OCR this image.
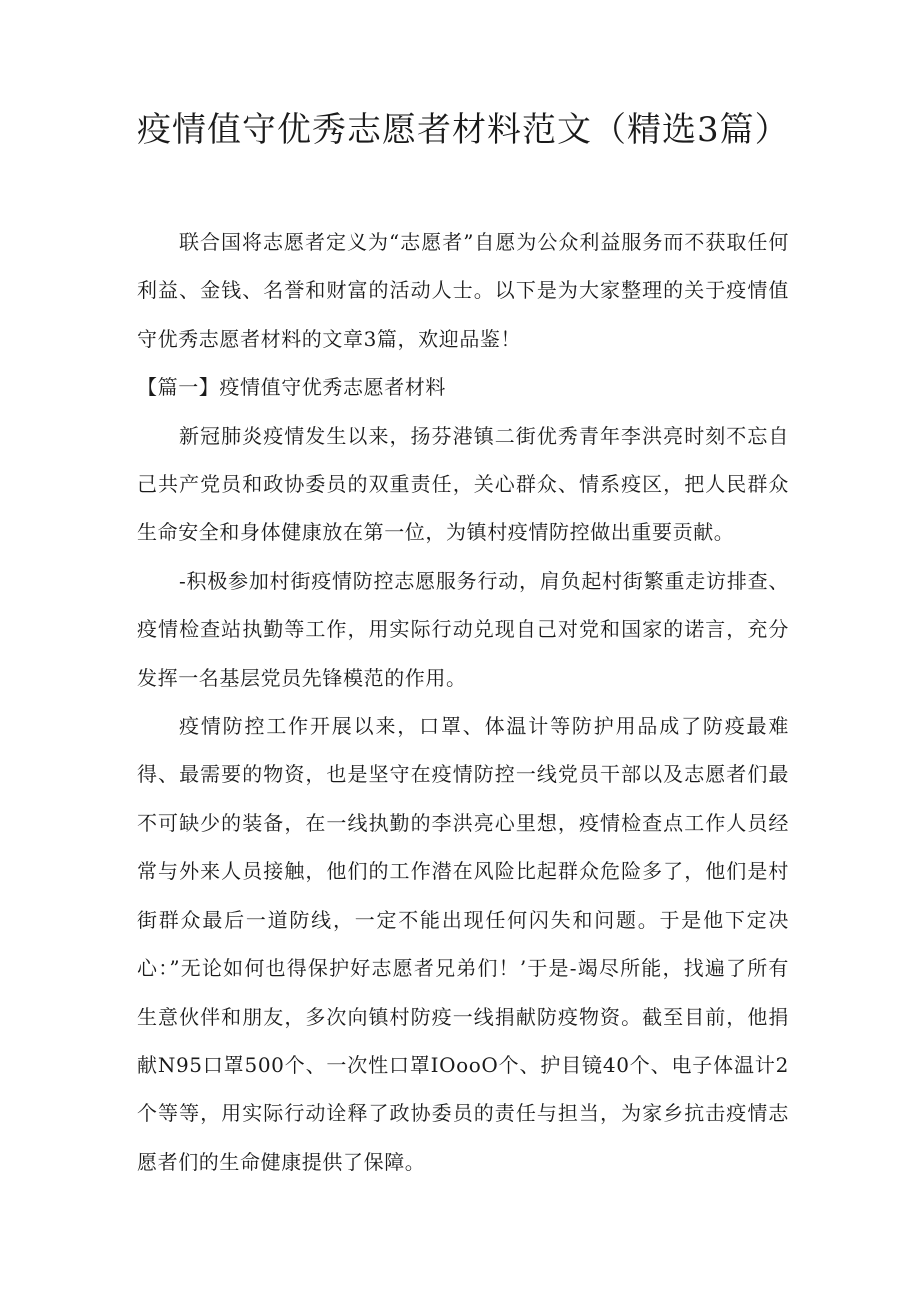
疫情值守优秀志愿者材料范文（精选3篇）

联合国将志愿者定义为“志愿者”自愿为公众利益服务而不获取任何利益、金钱、名誉和财富的活动人士。以下是为大家整理的关于疫情值守优秀志愿者材料的文章3篇，欢迎品鉴！

【篇一】疫情值守优秀志愿者材料

新冠肺炎疫情发生以来，扬芬港镇二街优秀青年李洪亮时刻不忘自己共产党员和政协委员的双重责任，关心群众、情系疫区，把人民群众生命安全和身体健康放在第一位，为镇村疫情防控做出重要贡献。

-积极参加村街疫情防控志愿服务行动，肩负起村街繁重走访排查、疫情检查站执勤等工作，用实际行动兑现自己对党和国家的诺言，充分发挥一名基层党员先锋模范的作用。

疫情防控工作开展以来，口罩、体温计等防护用品成了防疫最难得、最需要的物资，也是坚守在疫情防控一线党员干部以及志愿者们最不可缺少的装备，在一线执勤的李洪亮心里想，疫情检查点工作人员经常与外来人员接触，他们的工作潜在风险比起群众危险多了，他们是村街群众最后一道防线，一定不能出现任何闪失和问题。于是他下定决心：”无论如何也得保护好志愿者兄弟们！’于是-竭尽所能，找遍了所有生意伙伴和朋友，多次向镇村防疫一线捐献防疫物资。截至目前，他捐献N95口罩500个、一次性口罩IOooO个、护目镜40个、电子体温计2个等等，用实际行动诠释了政协委员的责任与担当，为家乡抗击疫情志愿者们的生命健康提供了保障。
